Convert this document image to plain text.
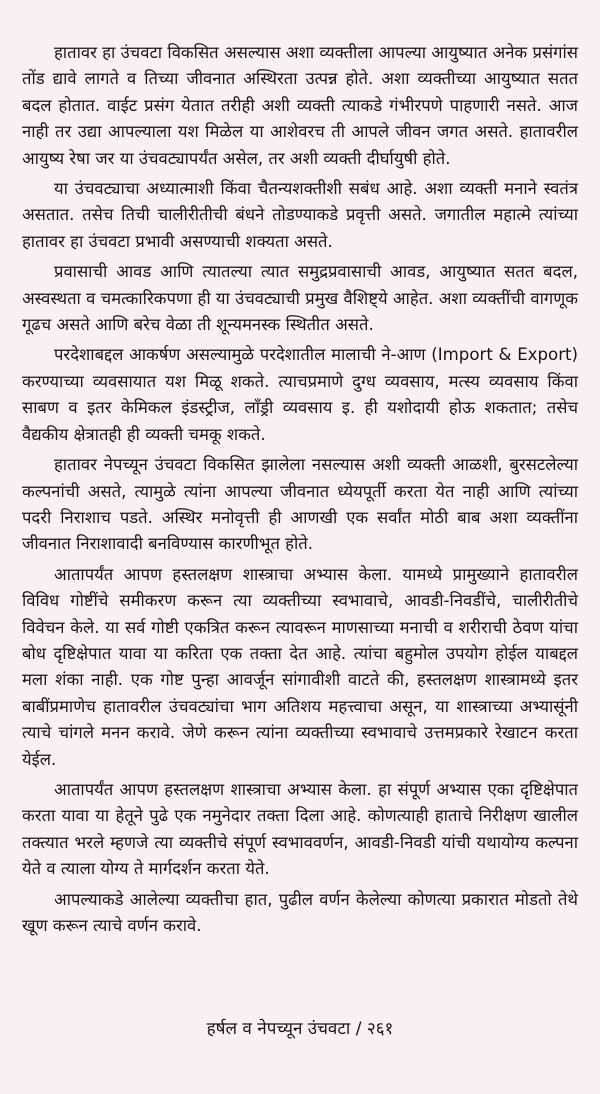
हातावर हा उंचवटा विकसित असल्यास अशा व्यक्तीला आपल्या आयुष्यात अनेक प्रसंगांस तोंड द्यावे लागते व तिच्या जीवनात अस्थिरता उत्पन्न होते. अशा व्यक्तीच्या आयुष्यात सतत बदल होतात. वाईट प्रसंग येतात तरीही अशी व्यक्ती त्याकडे गंभीरपणे पाहणारी नसते. आज नाही तर उद्या आपल्याला यश मिळेल या आशेवरच ती आपले जीवन जगत असते. हातावरील आयुष्य रेषा जर या उंचवट्यापर्यंत असेल, तर अशी व्यक्ती दीर्घायुषी होते.

या उंचवट्याचा अध्यात्माशी किंवा चैतन्यशक्तीशी सबंध आहे. अशा व्यक्ती मनाने स्वतंत्र असतात. तसेच तिची चालीरीतीची बंधने तोडण्याकडे प्रवृत्ती असते. जगातील महात्मे त्यांच्या हातावर हा उंचवटा प्रभावी असण्याची शक्यता असते.

प्रवासाची आवड आणि त्यातल्या त्यात समुद्रप्रवासाची आवड, आयुष्यात सतत बदल, अस्वस्थता व चमत्कारिकपणा ही या उंचवट्याची प्रमुख वैशिष्ट्ये आहेत. अशा व्यक्तींची वागणूक गूढच असते आणि बरेच वेळा ती शून्यमनस्क स्थितीत असते.

परदेशाबद्दल आकर्षण असल्यामुळे परदेशातील मालाची ने-आण (Import & Export) करण्याच्या व्यवसायात यश मिळू शकते. त्याचप्रमाणे दुग्ध व्यवसाय, मत्स्य व्यवसाय किंवा साबण व इतर केमिकल इंडस्ट्रीज, लॉंड्री व्यवसाय इ. ही यशोदायी होऊ शकतात; तसेच वैद्यकीय क्षेत्रातही ही व्यक्ती चमकू शकते.

हातावर नेपच्यून उंचवटा विकसित झालेला नसल्यास अशी व्यक्ती आळशी, बुरसटलेल्या कल्पनांची असते, त्यामुळे त्यांना आपल्या जीवनात ध्येयपूर्ती करता येत नाही आणि त्यांच्या पदरी निराशाच पडते. अस्थिर मनोवृत्ती ही आणखी एक सर्वांत मोठी बाब अशा व्यक्तींना जीवनात निराशावादी बनविण्यास कारणीभूत होते.

आतापर्यंत आपण हस्तलक्षण शास्त्राचा अभ्यास केला. यामध्ये प्रामुख्याने हातावरील विविध गोष्टींचे समीकरण करून त्या व्यक्तीच्या स्वभावाचे, आवडी-निवडींचे, चालीरीतीचे विवेचन केले. या सर्व गोष्टी एकत्रित करून त्यावरून माणसाच्या मनाची व शरीराची ठेवण यांचा बोध दृष्टिक्षेपात यावा या करिता एक तक्ता देत आहे. त्यांचा बहुमोल उपयोग होईल याबद्दल मला शंका नाही. एक गोष्ट पुन्हा आवर्जून सांगावीशी वाटते की, हस्तलक्षण शास्त्रामध्ये इतर बाबींप्रमाणेच हातावरील उंचवट्यांचा भाग अतिशय महत्त्वाचा असून, या शास्त्राच्या अभ्यासूंनी त्याचे चांगले मनन करावे. जेणे करून त्यांना व्यक्तीच्या स्वभावाचे उत्तमप्रकारे रेखाटन करता येईल.

आतापर्यंत आपण हस्तलक्षण शास्त्राचा अभ्यास केला. हा संपूर्ण अभ्यास एका दृष्टिक्षेपात करता यावा या हेतूने पुढे एक नमुनेदार तक्ता दिला आहे. कोणत्याही हाताचे निरीक्षण खालील तक्त्यात भरले म्हणजे त्या व्यक्तीचे संपूर्ण स्वभाववर्णन, आवडी-निवडी यांची यथायोग्य कल्पना येते व त्याला योग्य ते मार्गदर्शन करता येते.

आपल्याकडे आलेल्या व्यक्तीचा हात, पुढील वर्णन केलेल्या कोणत्या प्रकारात मोडतो तेथे खूण करून त्याचे वर्णन करावे.

हर्षल व नेपच्यून उंचवटा / २६१
